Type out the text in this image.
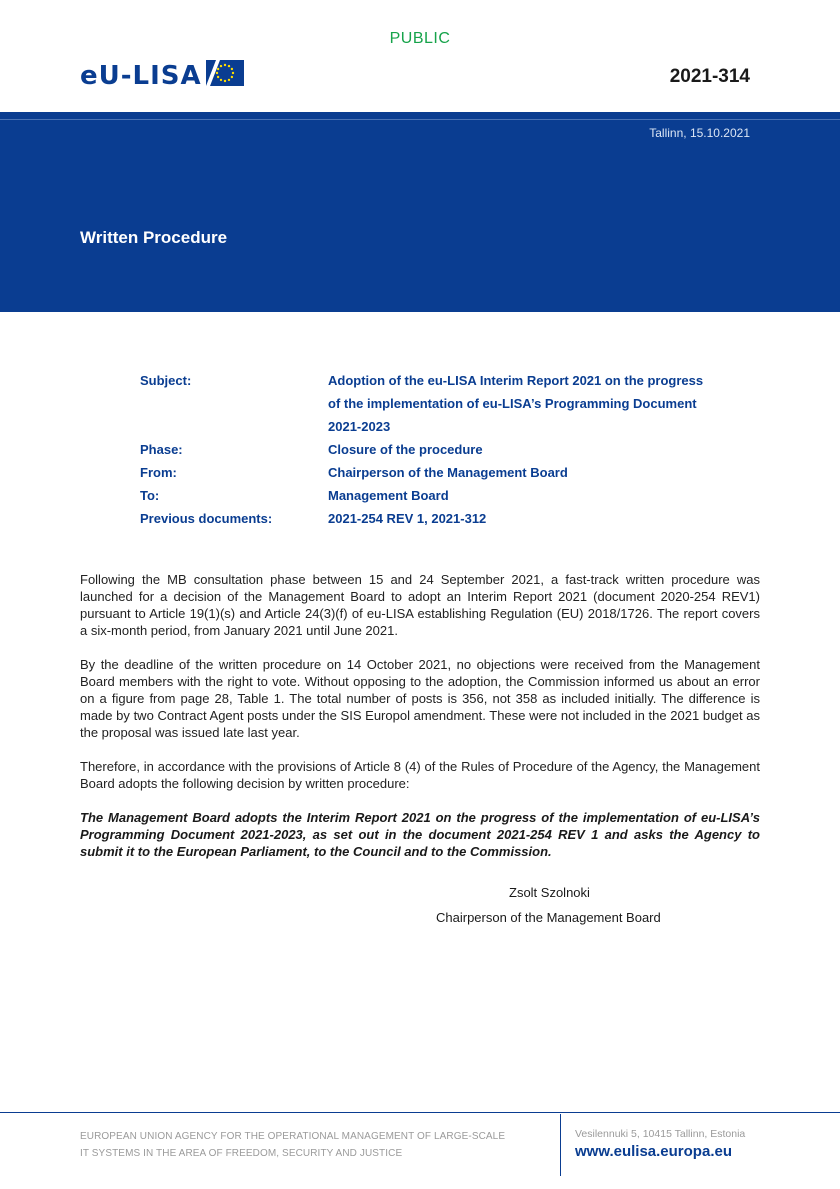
PUBLIC
eU-LISA	2021-314
Tallinn, 15.10.2021
Written Procedure
Subject:	Adoption of the eu-LISA Interim Report 2021 on the progress of the implementation of eu-LISA’s Programming Document 2021-2023
Phase:	Closure of the procedure
From:	Chairperson of the Management Board
To:	Management Board
Previous documents:	2021-254 REV 1, 2021-312

Following the MB consultation phase between 15 and 24 September 2021, a fast-track written procedure was launched for a decision of the Management Board to adopt an Interim Report 2021 (document 2020-254 REV1) pursuant to Article 19(1)(s) and Article 24(3)(f) of eu-LISA establishing Regulation (EU) 2018/1726. The report covers a six-month period, from January 2021 until June 2021.

By the deadline of the written procedure on 14 October 2021, no objections were received from the Management Board members with the right to vote. Without opposing to the adoption, the Commission informed us about an error on a figure from page 28, Table 1. The total number of posts is 356, not 358 as included initially. The difference is made by two Contract Agent posts under the SIS Europol amendment. These were not included in the 2021 budget as the proposal was issued late last year.

Therefore, in accordance with the provisions of Article 8 (4) of the Rules of Procedure of the Agency, the Management Board adopts the following decision by written procedure:

The Management Board adopts the Interim Report 2021 on the progress of the implementation of eu-LISA’s Programming Document 2021-2023, as set out in the document 2021-254 REV 1 and asks the Agency to submit it to the European Parliament, to the Council and to the Commission.

Zsolt Szolnoki
Chairperson of the Management Board
EUROPEAN UNION AGENCY FOR THE OPERATIONAL MANAGEMENT OF LARGE-SCALE
IT SYSTEMS IN THE AREA OF FREEDOM, SECURITY AND JUSTICE
Vesilennuki 5, 10415 Tallinn, Estonia
www.eulisa.europa.eu
